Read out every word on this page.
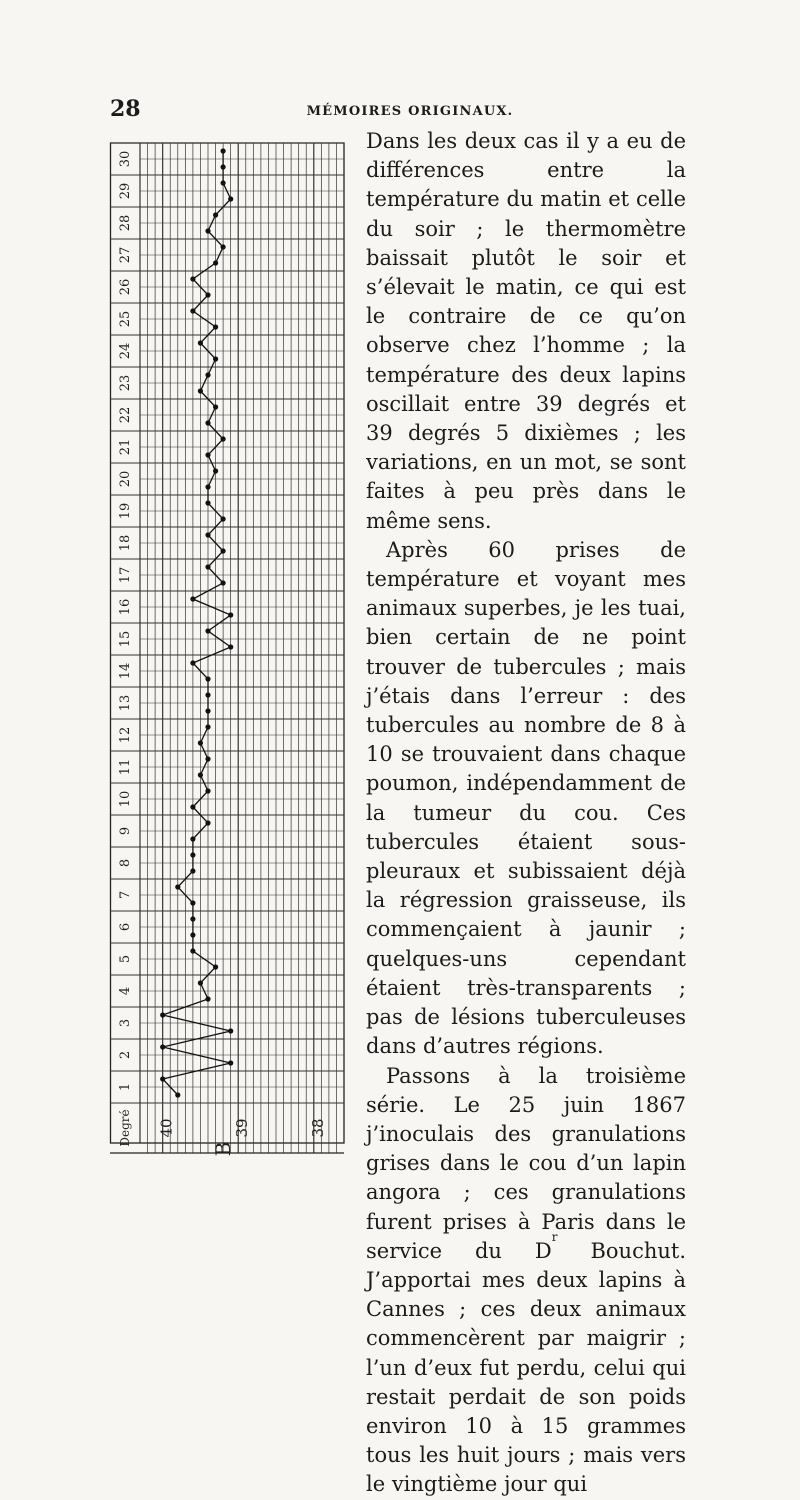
28	MÉMOIRES ORIGINAUX.
1
2
3
4
5
6
7
8
9
10
11
12
13
14
15
16
17
18
19
20
21
22
23
24
25
26
27
28
29
30
Degré 40	39	38
B

Dans les deux cas il y a eu de différences entre la température du matin et celle du soir ; le thermomètre baissait plutôt le soir et s’élevait le matin, ce qui est le contraire de ce qu’on observe chez l’homme ; la température des deux lapins oscillait entre 39 degrés et 39 degrés 5 dixièmes ; les variations, en un mot, se sont faites à peu près dans le même sens.

Après 60 prises de température et voyant mes animaux superbes, je les tuai, bien certain de ne point trouver de tubercules ; mais j’étais dans l’erreur : des tubercules au nombre de 8 à 10 se trouvaient dans chaque poumon, indépendamment de la tumeur du cou. Ces tubercules étaient sous-pleuraux et subissaient déjà la régression graisseuse, ils commençaient à jaunir ; quelques-uns cependant étaient très-transparents ; pas de lésions tuberculeuses dans d’autres régions.

Passons à la troisième série. Le 25 juin 1867 j’inoculais des granulations grises dans le cou d’un lapin angora ; ces granulations furent prises à Paris dans le service du $D^r$ Bouchut. J’apportai mes deux lapins à Cannes ; ces deux animaux commencèrent par maigrir ; l’un d’eux fut perdu, celui qui restait perdait de son poids environ 10 à 15 grammes tous les huit jours ; mais vers le vingtième jour qui
